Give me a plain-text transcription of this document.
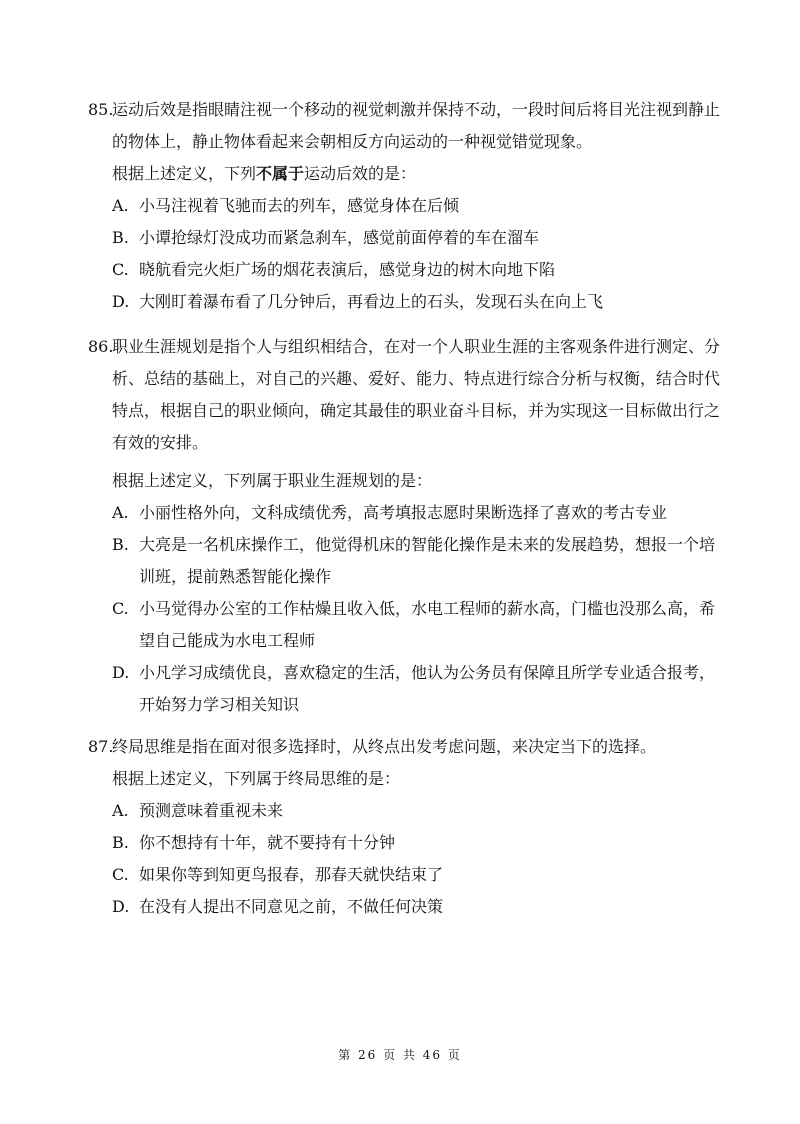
85.
运动后效是指眼睛注视一个移动的视觉刺激并保持不动，一段时间后将目光注视到静止的物体上，静止物体看起来会朝相反方向运动的一种视觉错觉现象。
根据上述定义，下列不属于运动后效的是：
A. 小马注视着飞驰而去的列车，感觉身体在后倾
B. 小谭抢绿灯没成功而紧急刹车，感觉前面停着的车在溜车
C. 晓航看完火炬广场的烟花表演后，感觉身边的树木向地下陷
D. 大刚盯着瀑布看了几分钟后，再看边上的石头，发现石头在向上飞
86.
职业生涯规划是指个人与组织相结合，在对一个人职业生涯的主客观条件进行测定、分析、总结的基础上，对自己的兴趣、爱好、能力、特点进行综合分析与权衡，结合时代特点，根据自己的职业倾向，确定其最佳的职业奋斗目标，并为实现这一目标做出行之有效的安排。
根据上述定义，下列属于职业生涯规划的是：
A. 小丽性格外向，文科成绩优秀，高考填报志愿时果断选择了喜欢的考古专业
B. 大亮是一名机床操作工，他觉得机床的智能化操作是未来的发展趋势，想报一个培训班，提前熟悉智能化操作
C. 小马觉得办公室的工作枯燥且收入低，水电工程师的薪水高，门槛也没那么高，希望自己能成为水电工程师
D. 小凡学习成绩优良，喜欢稳定的生活，他认为公务员有保障且所学专业适合报考，开始努力学习相关知识
87.
终局思维是指在面对很多选择时，从终点出发考虑问题，来决定当下的选择。
根据上述定义，下列属于终局思维的是：
A. 预测意味着重视未来
B. 你不想持有十年，就不要持有十分钟
C. 如果你等到知更鸟报春，那春天就快结束了
D. 在没有人提出不同意见之前，不做任何决策
第 26 页 共 46 页
